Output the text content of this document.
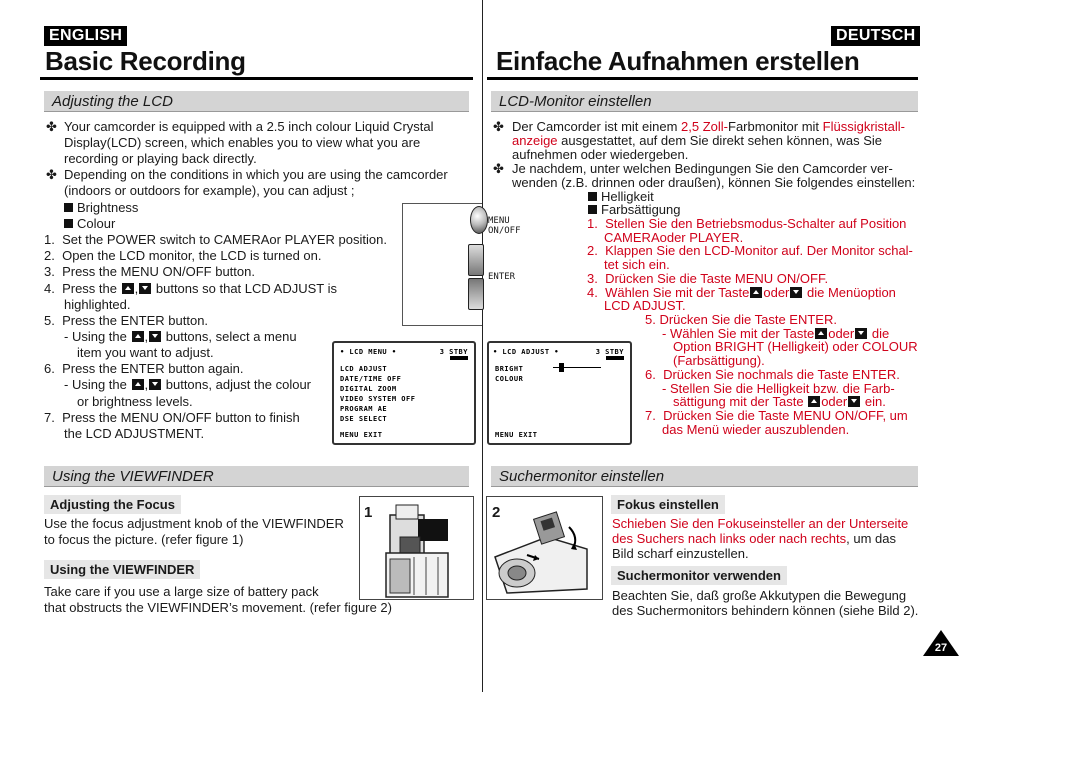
ENGLISH	DEUTSCH
Basic Recording	Einfache Aufnahmen erstellen
Adjusting the LCD	LCD-Monitor einstellen
✤ Your camcorder is equipped with a 2.5 inch colour Liquid Crystal
Display(LCD) screen, which enables you to view what you are
recording or playing back directly.
✤ Depending on the conditions in which you are using the camcorder
(indoors or outdoors for example), you can adjust ;
Brightness
Colour
1.  Set the POWER switch to CAMERAor PLAYER position.
2.  Open the LCD monitor, the LCD is turned on.
3.  Press the MENU ON/OFF button.
4.  Press the , buttons so that LCD ADJUST is
highlighted.
5.  Press the ENTER button.
- Using the , buttons, select a menu
item you want to adjust.
6.  Press the ENTER button again.
- Using the , buttons, adjust the colour
or brightness levels.
7.  Press the MENU ON/OFF button to finish
the LCD ADJUSTMENT.
MENU
ON/OFF
ENTER
• LCD MENU •	3 STBY
LCD ADJUST
DATE/TIME OFF
DIGITAL ZOOM
VIDEO SYSTEM OFF
PROGRAM AE
DSE SELECT
MENU EXIT
• LCD ADJUST •	3 STBY
BRIGHT
COLOUR
MENU EXIT
✤ Der Camcorder ist mit einem 2,5 Zoll-Farbmonitor mit Flüssigkristall-
anzeige ausgestattet, auf dem Sie direkt sehen können, was Sie
aufnehmen oder wiedergeben.
✤ Je nachdem, unter welchen Bedingungen Sie den Camcorder ver-
wenden (z.B. drinnen oder draußen), können Sie folgendes einstellen:
Helligkeit
Farbsättigung
1.  Stellen Sie den Betriebsmodus-Schalter auf Position
CAMERAoder PLAYER.
2.  Klappen Sie den LCD-Monitor auf. Der Monitor schal-
tet sich ein.
3.  Drücken Sie die Taste MENU ON/OFF.
4.  Wählen Sie mit der Taste oder die Menüoption
LCD ADJUST.
5. Drücken Sie die Taste ENTER.
- Wählen Sie mit der Taste oder die
Option BRIGHT (Helligkeit) oder COLOUR
(Farbsättigung).
6.  Drücken Sie nochmals die Taste ENTER.
- Stellen Sie die Helligkeit bzw. die Farb-
sättigung mit der Taste oder ein.
7.  Drücken Sie die Taste MENU ON/OFF, um
das Menü wieder auszublenden.
Using the VIEWFINDER	Suchermonitor einstellen
Adjusting the Focus
Use the focus adjustment knob of the VIEWFINDER
to focus the picture. (refer figure 1)
Using the VIEWFINDER
Take care if you use a large size of battery pack
that obstructs the VIEWFINDER’s movement. (refer figure 2)
1	2	Fokus einstellen
Schieben Sie den Fokuseinsteller an der Unterseite
des Suchers nach links oder nach rechts, um das
Bild scharf einzustellen.
Suchermonitor verwenden
Beachten Sie, daß große Akkutypen die Bewegung
des Suchermonitors behindern können (siehe Bild 2).
27
